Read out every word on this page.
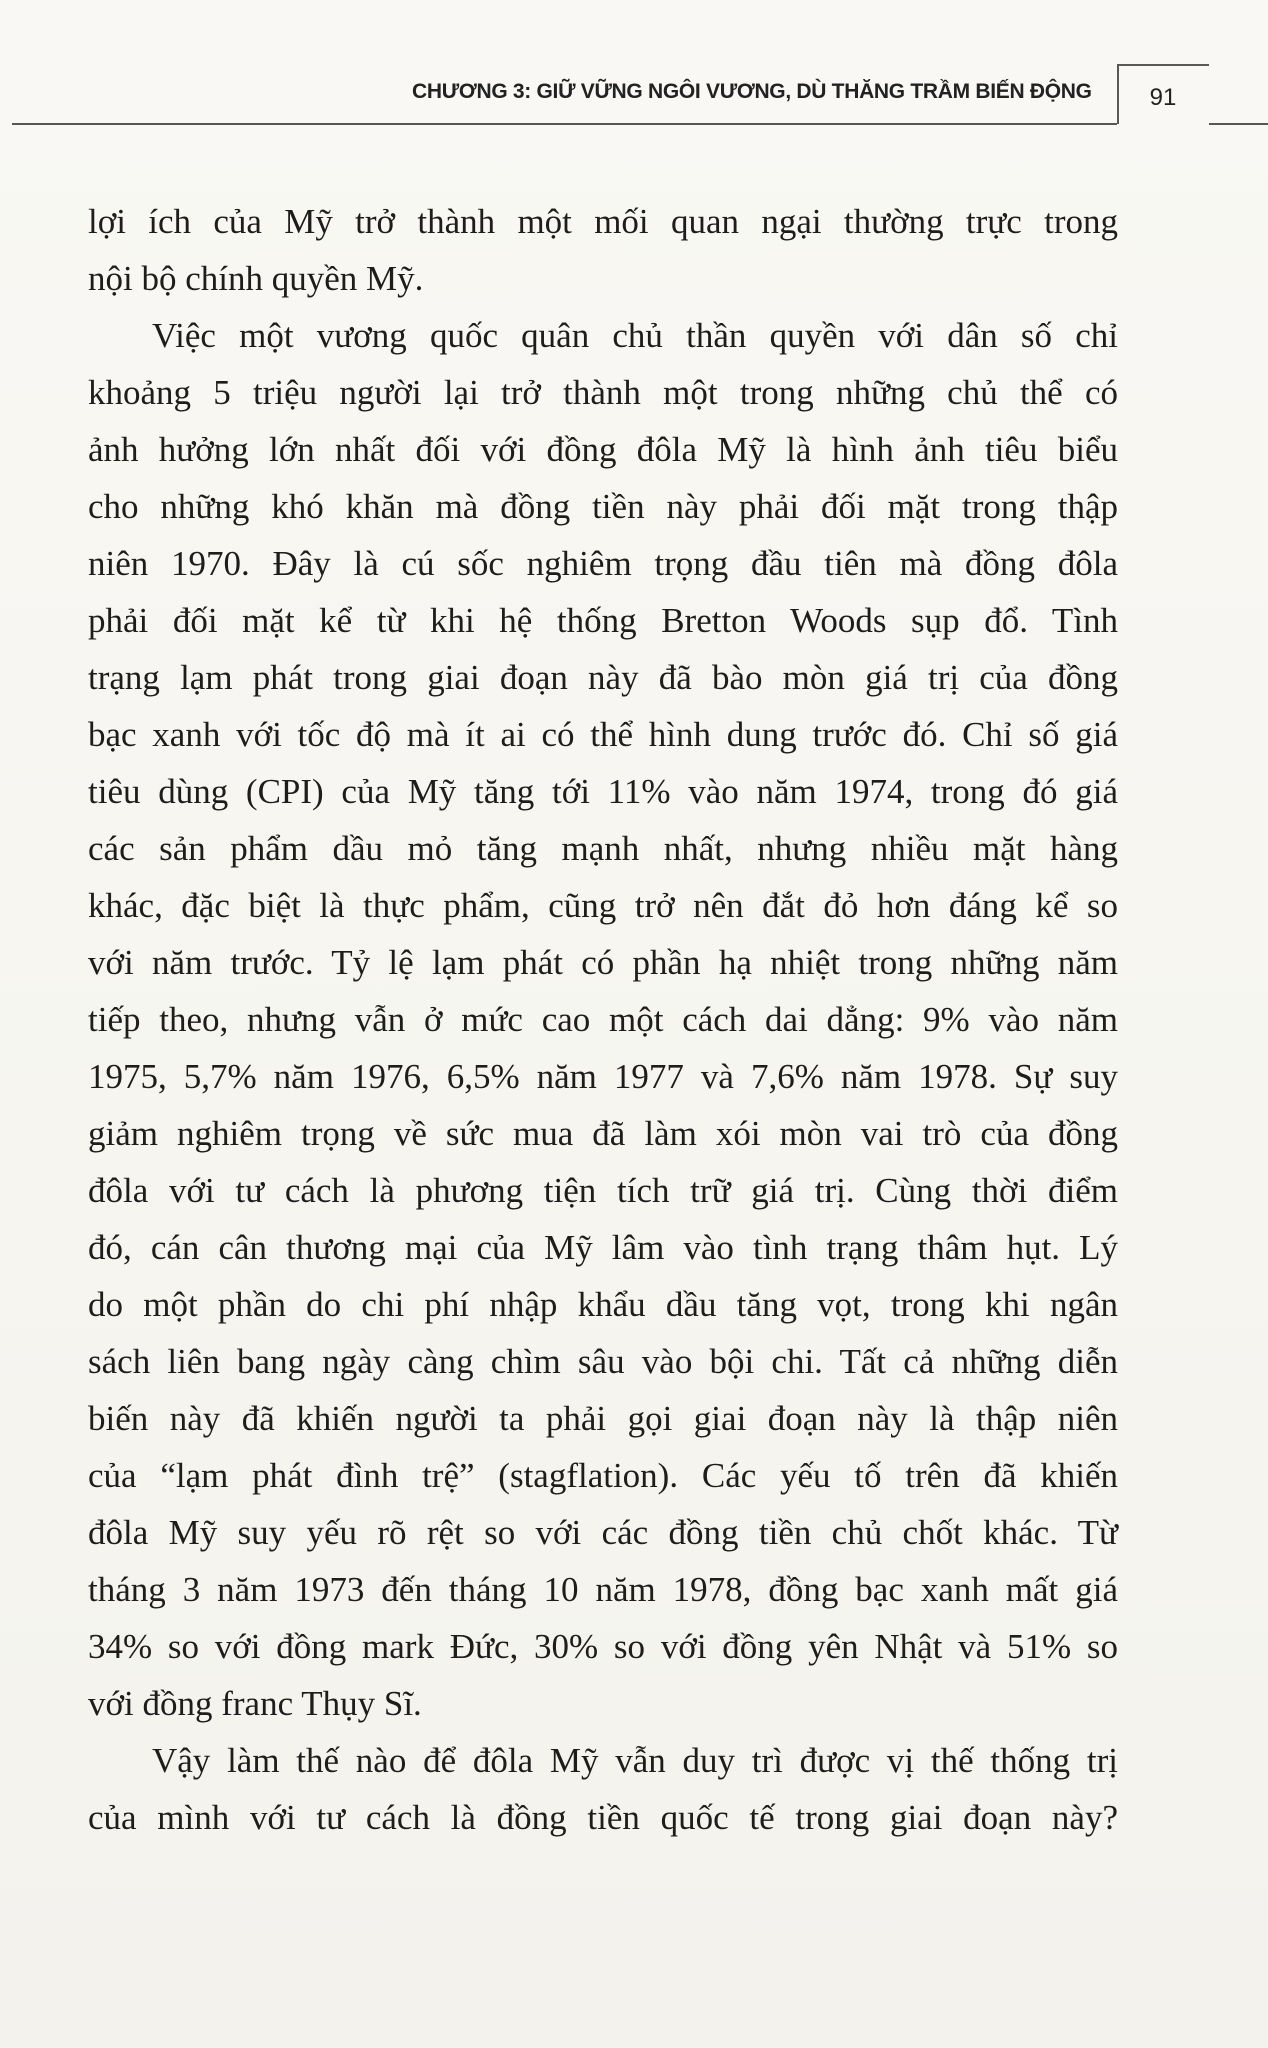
CHƯƠNG 3: GIỮ VỮNG NGÔI VƯƠNG, DÙ THĂNG TRẦM BIẾN ĐỘNG	91
lợi ích của Mỹ trở thành một mối quan ngại thường trực trong
nội bộ chính quyền Mỹ.
Việc một vương quốc quân chủ thần quyền với dân số chỉ
khoảng 5 triệu người lại trở thành một trong những chủ thể có
ảnh hưởng lớn nhất đối với đồng đôla Mỹ là hình ảnh tiêu biểu
cho những khó khăn mà đồng tiền này phải đối mặt trong thập
niên 1970. Đây là cú sốc nghiêm trọng đầu tiên mà đồng đôla
phải đối mặt kể từ khi hệ thống Bretton Woods sụp đổ. Tình
trạng lạm phát trong giai đoạn này đã bào mòn giá trị của đồng
bạc xanh với tốc độ mà ít ai có thể hình dung trước đó. Chỉ số giá
tiêu dùng (CPI) của Mỹ tăng tới 11% vào năm 1974, trong đó giá
các sản phẩm dầu mỏ tăng mạnh nhất, nhưng nhiều mặt hàng
khác, đặc biệt là thực phẩm, cũng trở nên đắt đỏ hơn đáng kể so
với năm trước. Tỷ lệ lạm phát có phần hạ nhiệt trong những năm
tiếp theo, nhưng vẫn ở mức cao một cách dai dẳng: 9% vào năm
1975, 5,7% năm 1976, 6,5% năm 1977 và 7,6% năm 1978. Sự suy
giảm nghiêm trọng về sức mua đã làm xói mòn vai trò của đồng
đôla với tư cách là phương tiện tích trữ giá trị. Cùng thời điểm
đó, cán cân thương mại của Mỹ lâm vào tình trạng thâm hụt. Lý
do một phần do chi phí nhập khẩu dầu tăng vọt, trong khi ngân
sách liên bang ngày càng chìm sâu vào bội chi. Tất cả những diễn
biến này đã khiến người ta phải gọi giai đoạn này là thập niên
của “lạm phát đình trệ” (stagflation). Các yếu tố trên đã khiến
đôla Mỹ suy yếu rõ rệt so với các đồng tiền chủ chốt khác. Từ
tháng 3 năm 1973 đến tháng 10 năm 1978, đồng bạc xanh mất giá
34% so với đồng mark Đức, 30% so với đồng yên Nhật và 51% so
với đồng franc Thụy Sĩ.
Vậy làm thế nào để đôla Mỹ vẫn duy trì được vị thế thống trị
của mình với tư cách là đồng tiền quốc tế trong giai đoạn này?
